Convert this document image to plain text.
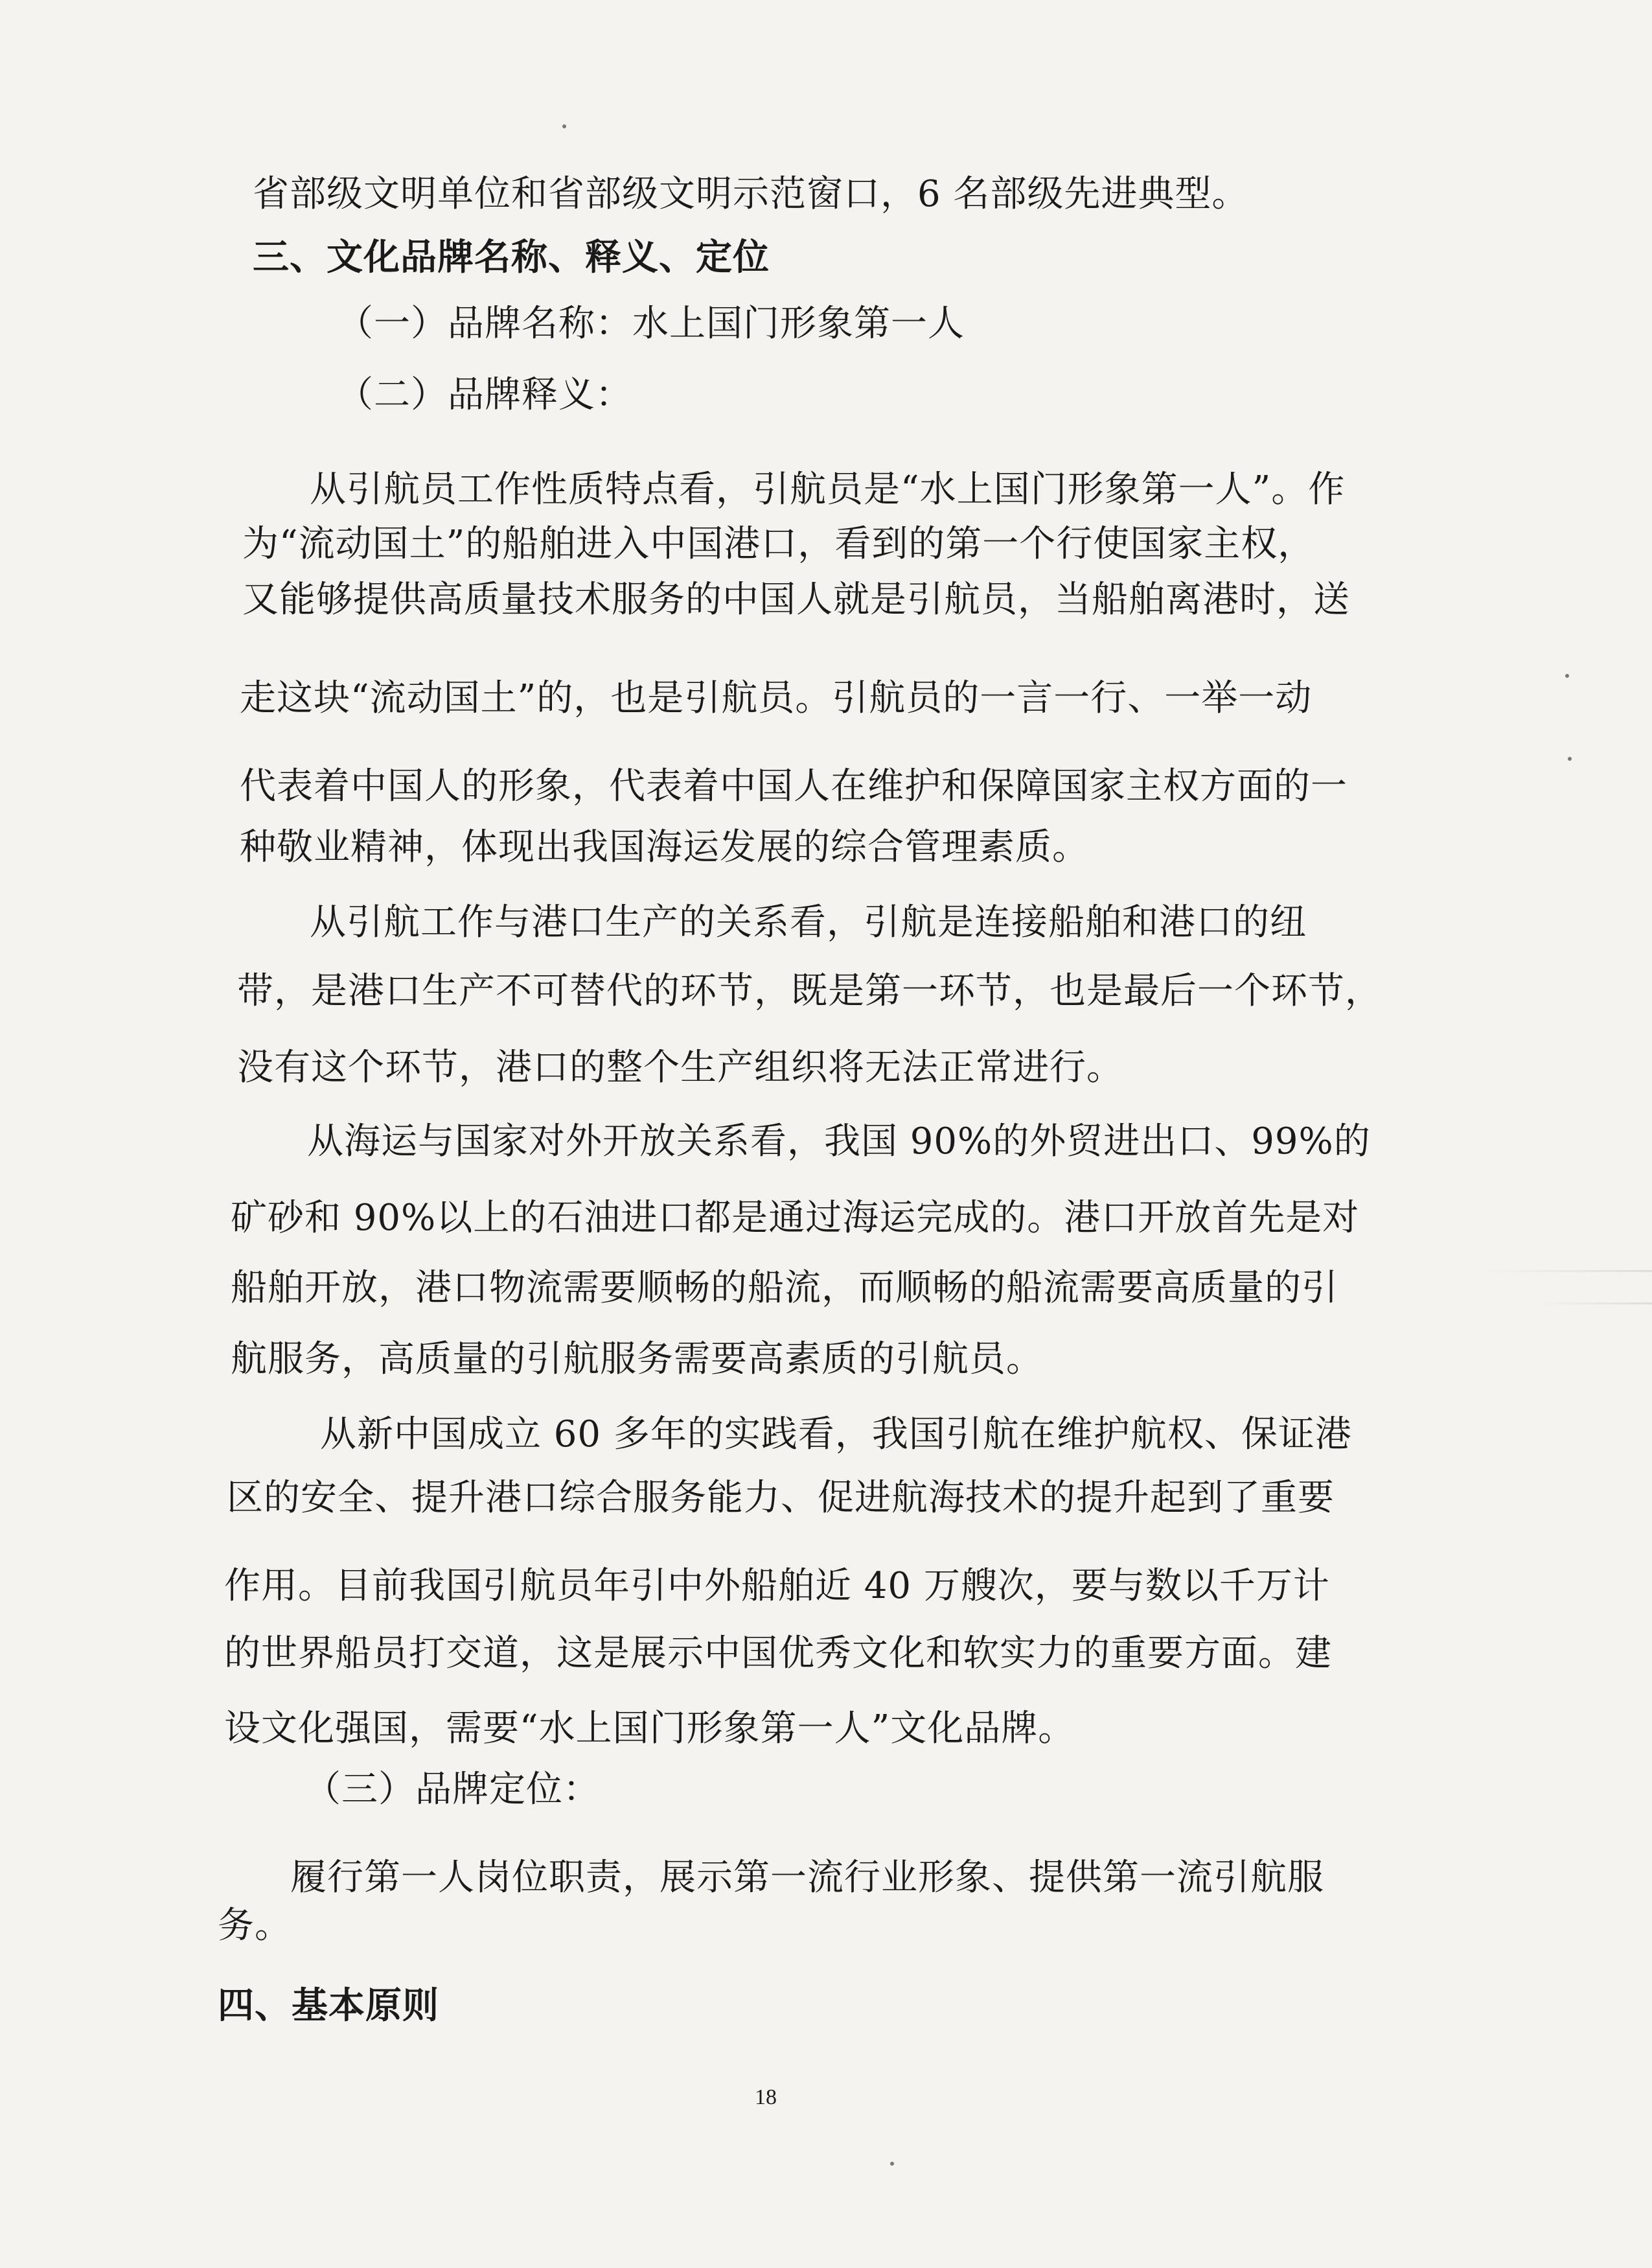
省部级文明单位和省部级文明示范窗口，6 名部级先进典型。
三、文化品牌名称、释义、定位
（一）品牌名称：水上国门形象第一人
（二）品牌释义：
从引航员工作性质特点看，引航员是“水上国门形象第一人”。作
为“流动国土”的船舶进入中国港口，看到的第一个行使国家主权，
又能够提供高质量技术服务的中国人就是引航员，当船舶离港时，送
走这块“流动国土”的，也是引航员。引航员的一言一行、一举一动
代表着中国人的形象，代表着中国人在维护和保障国家主权方面的一
种敬业精神，体现出我国海运发展的综合管理素质。
从引航工作与港口生产的关系看，引航是连接船舶和港口的纽
带，是港口生产不可替代的环节，既是第一环节，也是最后一个环节，
没有这个环节，港口的整个生产组织将无法正常进行。
从海运与国家对外开放关系看，我国 90%的外贸进出口、99%的
矿砂和 90%以上的石油进口都是通过海运完成的。港口开放首先是对
船舶开放，港口物流需要顺畅的船流，而顺畅的船流需要高质量的引
航服务，高质量的引航服务需要高素质的引航员。
从新中国成立 60 多年的实践看，我国引航在维护航权、保证港
区的安全、提升港口综合服务能力、促进航海技术的提升起到了重要
作用。目前我国引航员年引中外船舶近 40 万艘次，要与数以千万计
的世界船员打交道，这是展示中国优秀文化和软实力的重要方面。建
设文化强国，需要“水上国门形象第一人”文化品牌。
（三）品牌定位：
履行第一人岗位职责，展示第一流行业形象、提供第一流引航服
务。
四、基本原则
18
